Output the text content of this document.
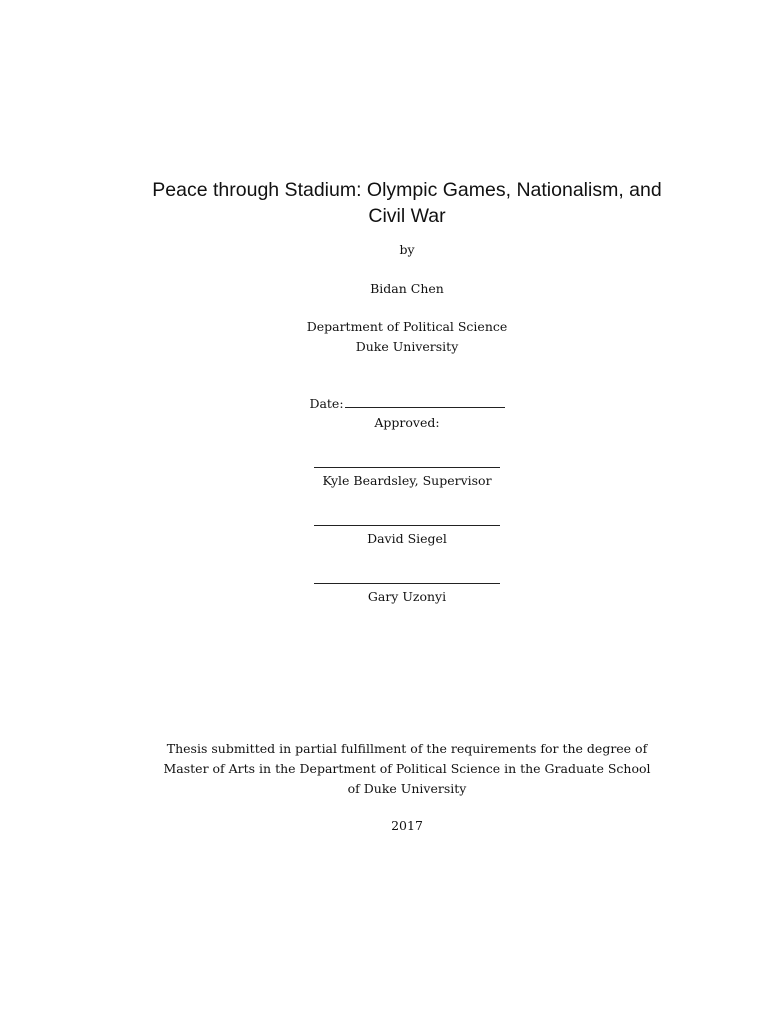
Peace through Stadium: Olympic Games, Nationalism, and
Civil War
by
Bidan Chen
Department of Political Science
Duke University
Date:
Approved:
Kyle Beardsley, Supervisor
David Siegel
Gary Uzonyi
Thesis submitted in partial fulfillment of the requirements for the degree of
Master of Arts in the Department of Political Science in the Graduate School
of Duke University
2017
